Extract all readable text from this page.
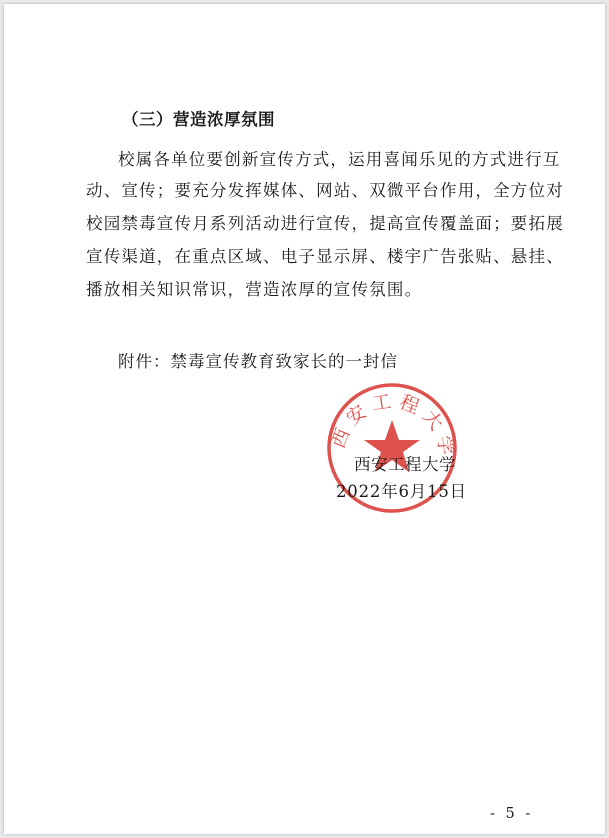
（三）营造浓厚氛围
校属各单位要创新宣传方式，运用喜闻乐见的方式进行互
动、宣传；要充分发挥媒体、网站、双微平台作用，全方位对
校园禁毒宣传月系列活动进行宣传，提高宣传覆盖面；要拓展
宣传渠道，在重点区域、电子显示屏、楼宇广告张贴、悬挂、
播放相关知识常识，营造浓厚的宣传氛围。
附件：禁毒宣传教育致家长的一封信
西安工程大学
西安工程大学
2022年6月15日
- 5 -
